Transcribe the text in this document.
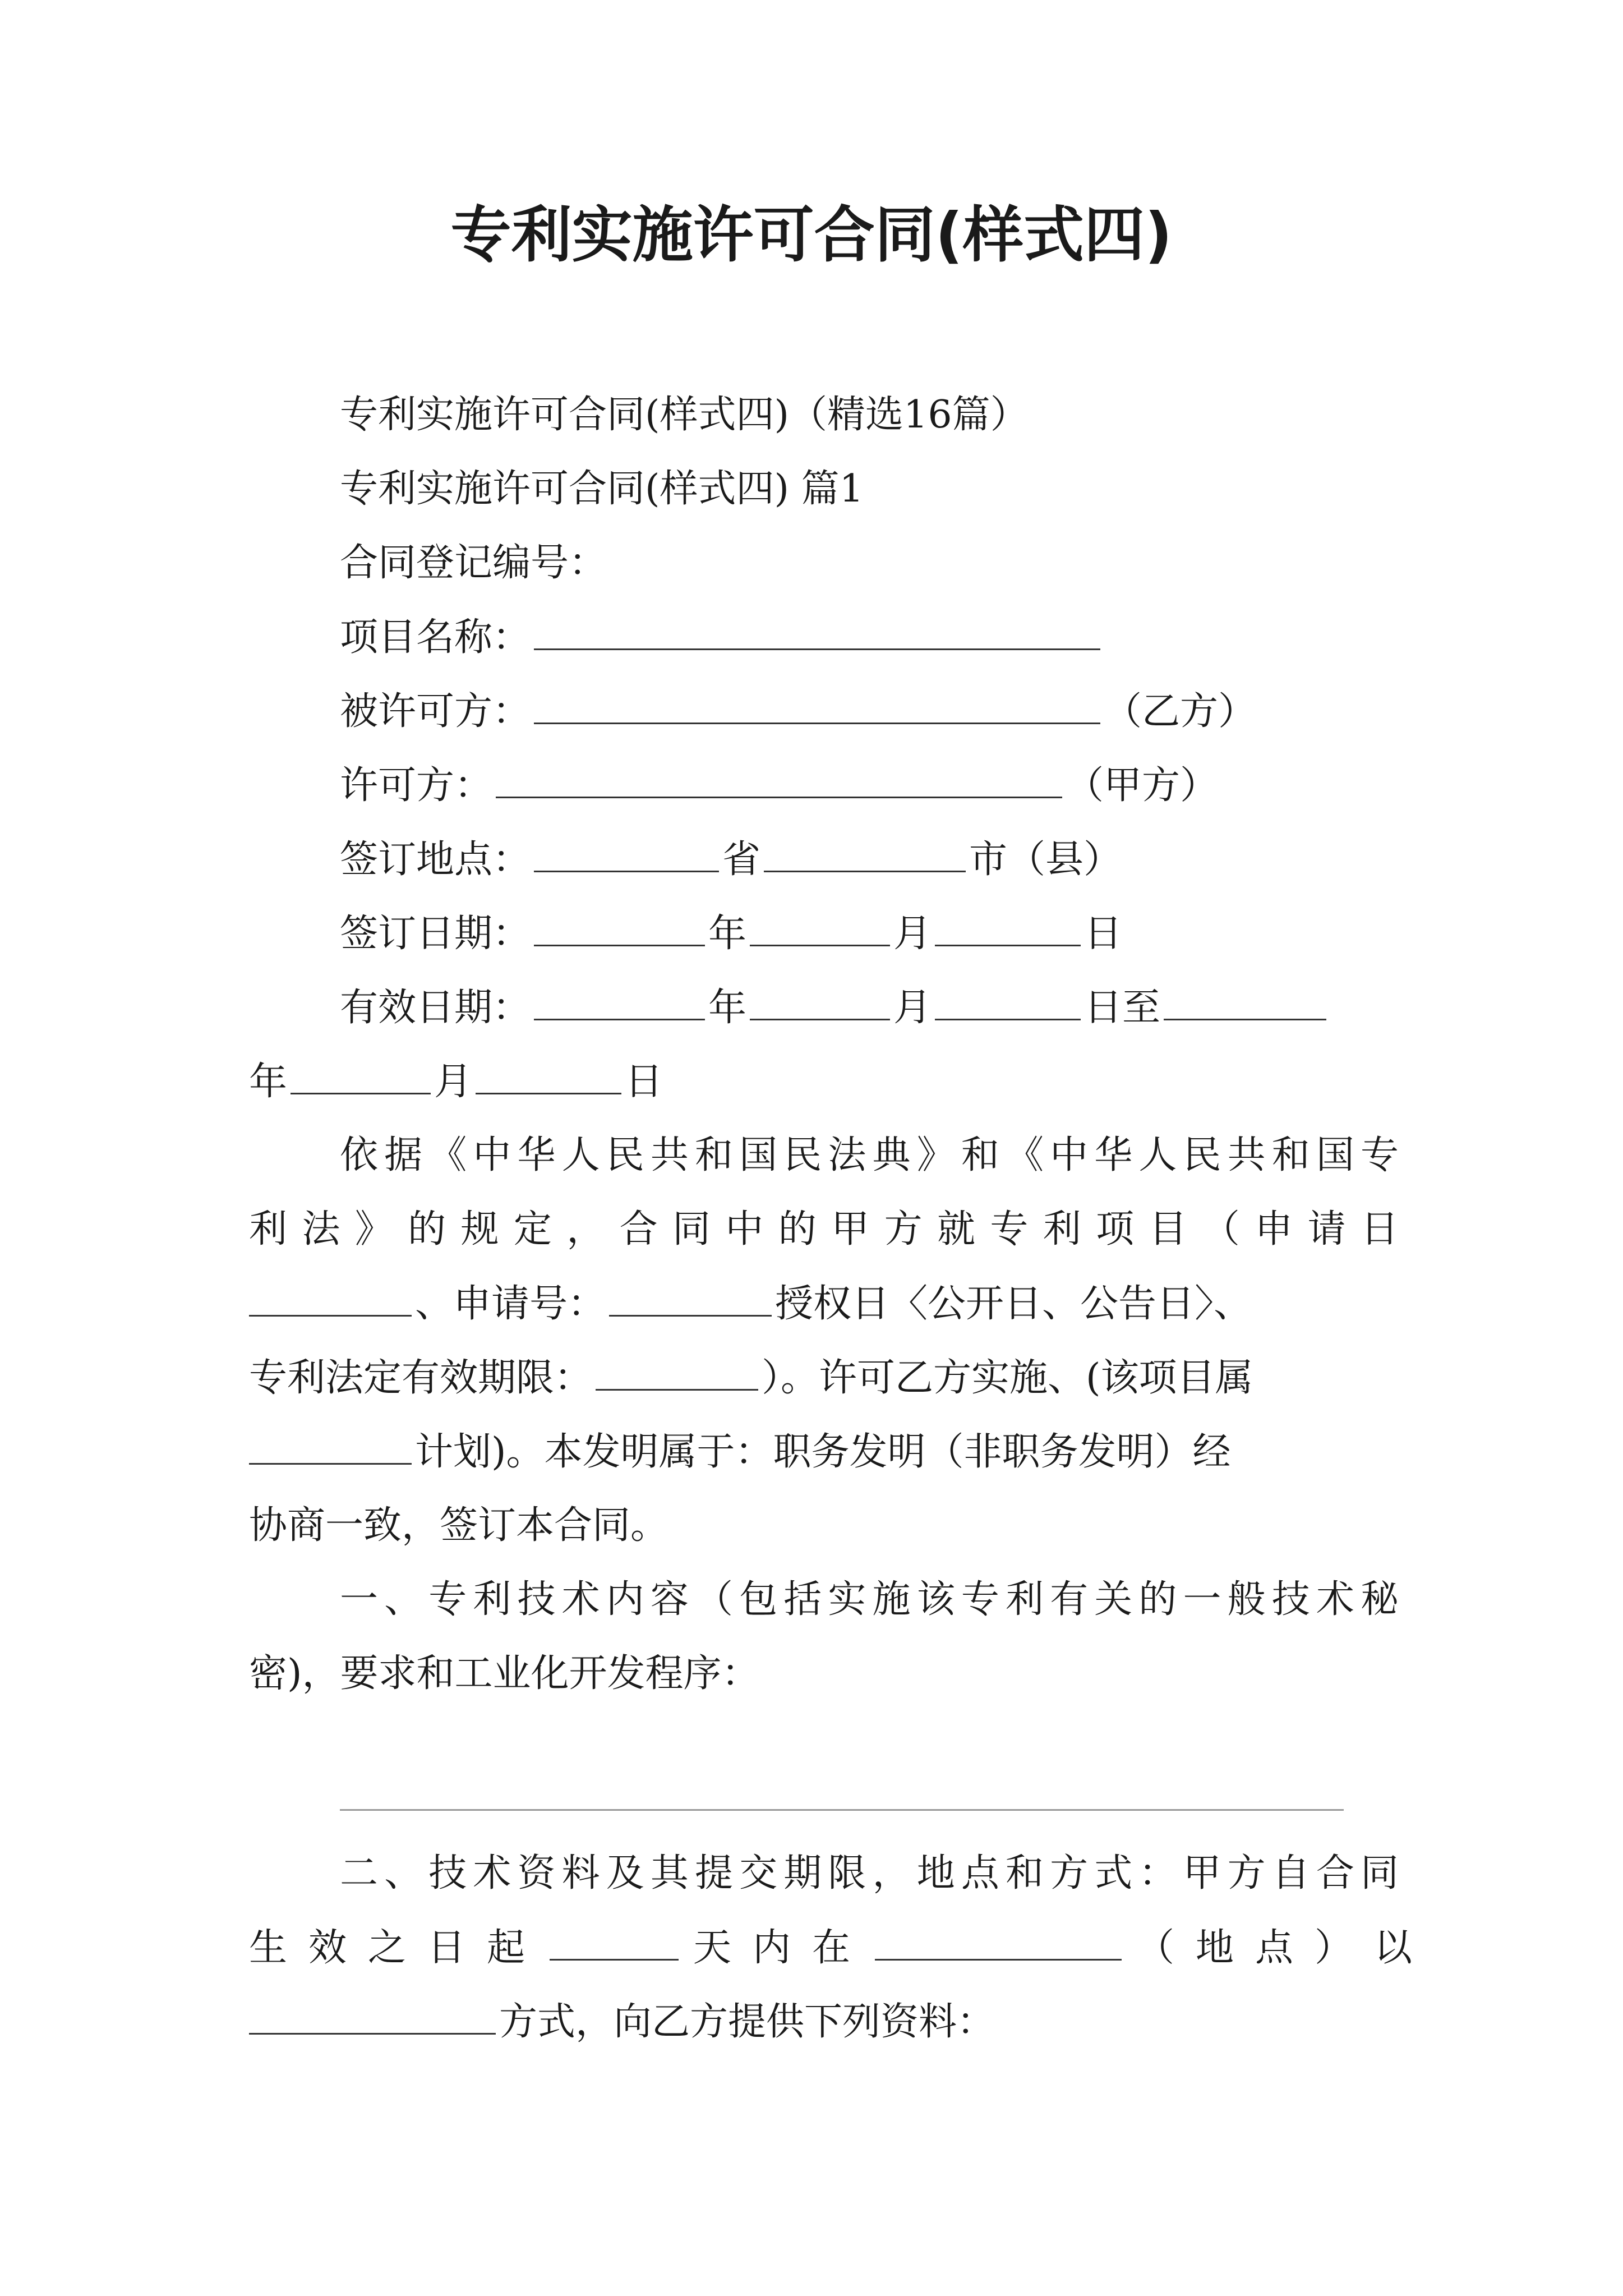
专利实施许可合同(样式四)
专利实施许可合同(样式四)（精选16篇）
专利实施许可合同(样式四) 篇1
合同登记编号：
项目名称：
被许可方：	（乙方）
许可方：	（甲方）
签订地点：	省	市（县）
签订日期：	年	月	日
有效日期：	年	月	日至
年	月	日
依据《中华人民共和国民法典》和《中华人民共和国专
利法》的规定，合同中的甲方就专利项目（申请日
、申请号：	授权日〈公开日、公告日〉、
专利法定有效期限：	）。许可乙方实施、(该项目属
计划)。本发明属于：职务发明（非职务发明）经
协商一致，签订本合同。
一、专利技术内容（包括实施该专利有关的一般技术秘
密)，要求和工业化开发程序：
二、技术资料及其提交期限，地点和方式：甲方自合同
生效之日起	天内在	（地点）以
方式，向乙方提供下列资料：
